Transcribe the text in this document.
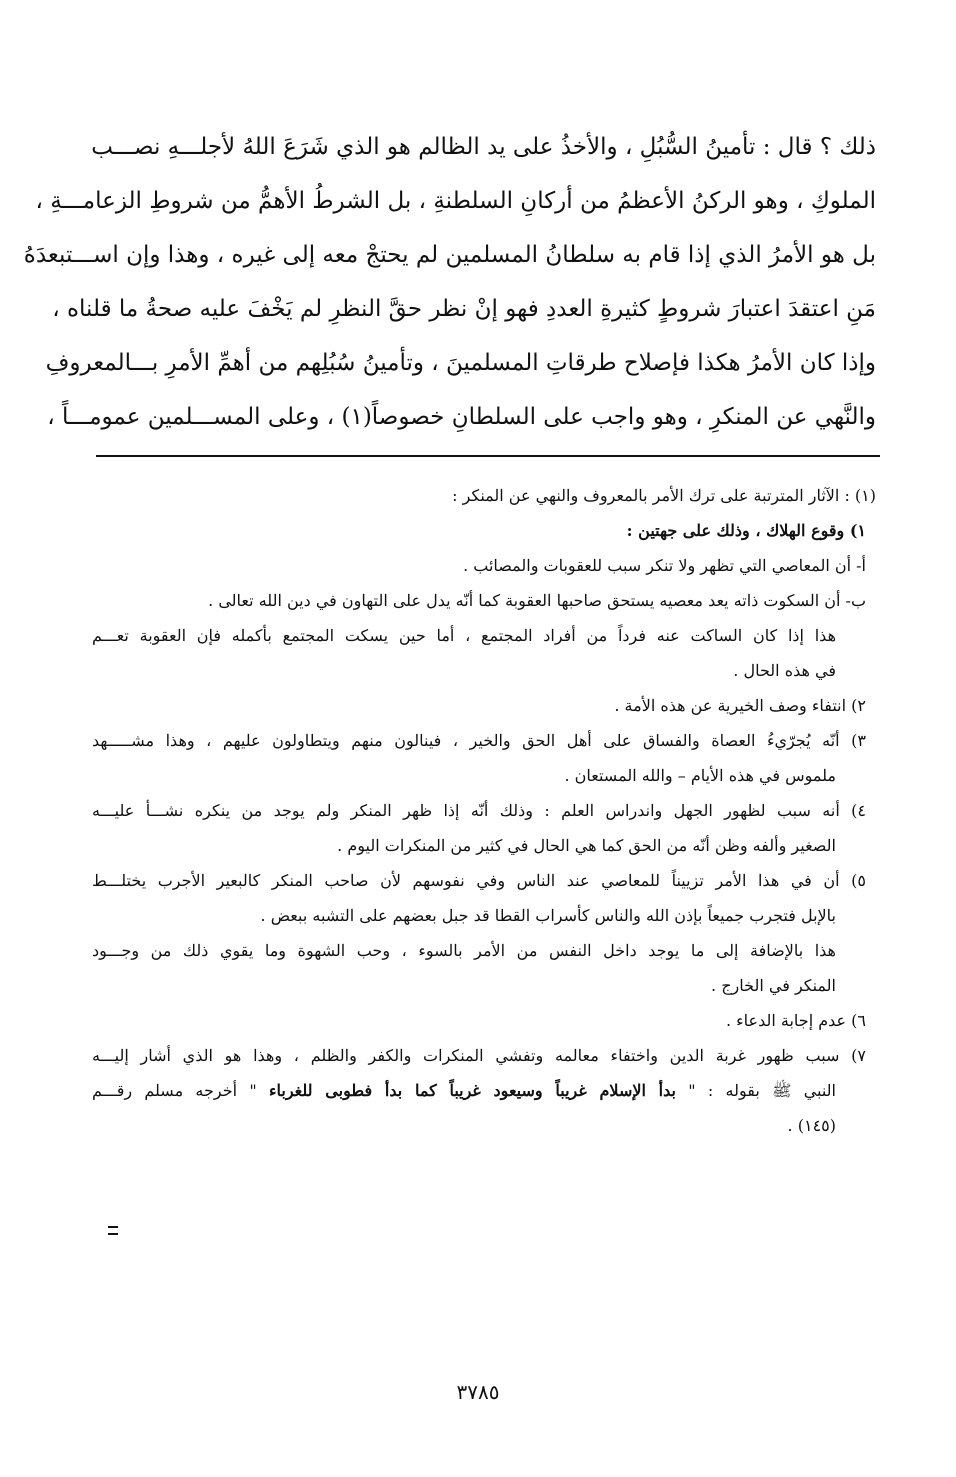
ذلك ؟ قال : تأمينُ السُّبُلِ ، والأخذُ على يد الظالم هو الذي شَرَعَ اللهُ لأجلـــهِ نصـــب
الملوكِ ، وهو الركنُ الأعظمُ من أركانِ السلطنةِ ، بل الشرطُ الأهمُّ من شروطِ الزعامـــةِ ،
بل هو الأمرُ الذي إذا قام به سلطانُ المسلمين لم يحتجْ معه إلى غيره ، وهذا وإن اســـتبعدَهُ
مَنِ اعتقدَ اعتبارَ شروطٍ كثيرةِ العددِ فهو إنْ نظر حقَّ النظرِ لم يَخْفَ عليه صحةُ ما قلناه ،
وإذا كان الأمرُ هكذا فإصلاح طرقاتِ المسلمينَ ، وتأمينُ سُبُلِهم من أهمِّ الأمرِ بـــالمعروفِ
والنَّهي عن المنكرِ ، وهو واجب على السلطانِ خصوصاً(١) ، وعلى المســـلمين عمومـــاً ،
(١) : الآثار المترتبة على ترك الأمر بالمعروف والنهي عن المنكر :
١) وقوع الهلاك ، وذلك على جهتين :
أ- أن المعاصي التي تظهر ولا تنكر سبب للعقوبات والمصائب .
ب- أن السكوت ذاته يعد معصيه يستحق صاحبها العقوبة كما أنّه يدل على التهاون في دين الله تعالى .
هذا إذا كان الساكت عنه فرداً من أفراد المجتمع ، أما حين يسكت المجتمع بأكمله فإن العقوبة تعـــم
في هذه الحال .
٢) انتفاء وصف الخيرية عن هذه الأمة .
٣) أنّه يُجرّيءُ العصاة والفساق على أهل الحق والخير ، فينالون منهم ويتطاولون عليهم ، وهذا مشـــــهد
ملموس في هذه الأيام – والله المستعان .
٤) أنه سبب لظهور الجهل واندراس العلم : وذلك أنّه إذا ظهر المنكر ولم يوجد من ينكره نشـــأ عليـــه
الصغير وألفه وظن أنّه من الحق كما هي الحال في كثير من المنكرات اليوم .
٥) أن في هذا الأمر تزييناً للمعاصي عند الناس وفي نفوسهم لأن صاحب المنكر كالبعير الأجرب يختلـــط
بالإبل فتجرب جميعاً بإذن الله والناس كأسراب القطا قد جبل بعضهم على التشبه ببعض .
هذا بالإضافة إلى ما يوجد داخل النفس من الأمر بالسوء ، وحب الشهوة وما يقوي ذلك من وجـــود
المنكر في الخارج .
٦) عدم إجابة الدعاء .
٧) سبب ظهور غربة الدين واختفاء معالمه وتفشي المنكرات والكفر والظلم ، وهذا هو الذي أشار إليـــه
النبي ﷺ بقوله : " بدأ الإسلام غريباً وسيعود غريباً كما بدأ فطوبى للغرباء " أخرجه مسلم رقـــم
(١٤٥) .
٣٧٨٥
